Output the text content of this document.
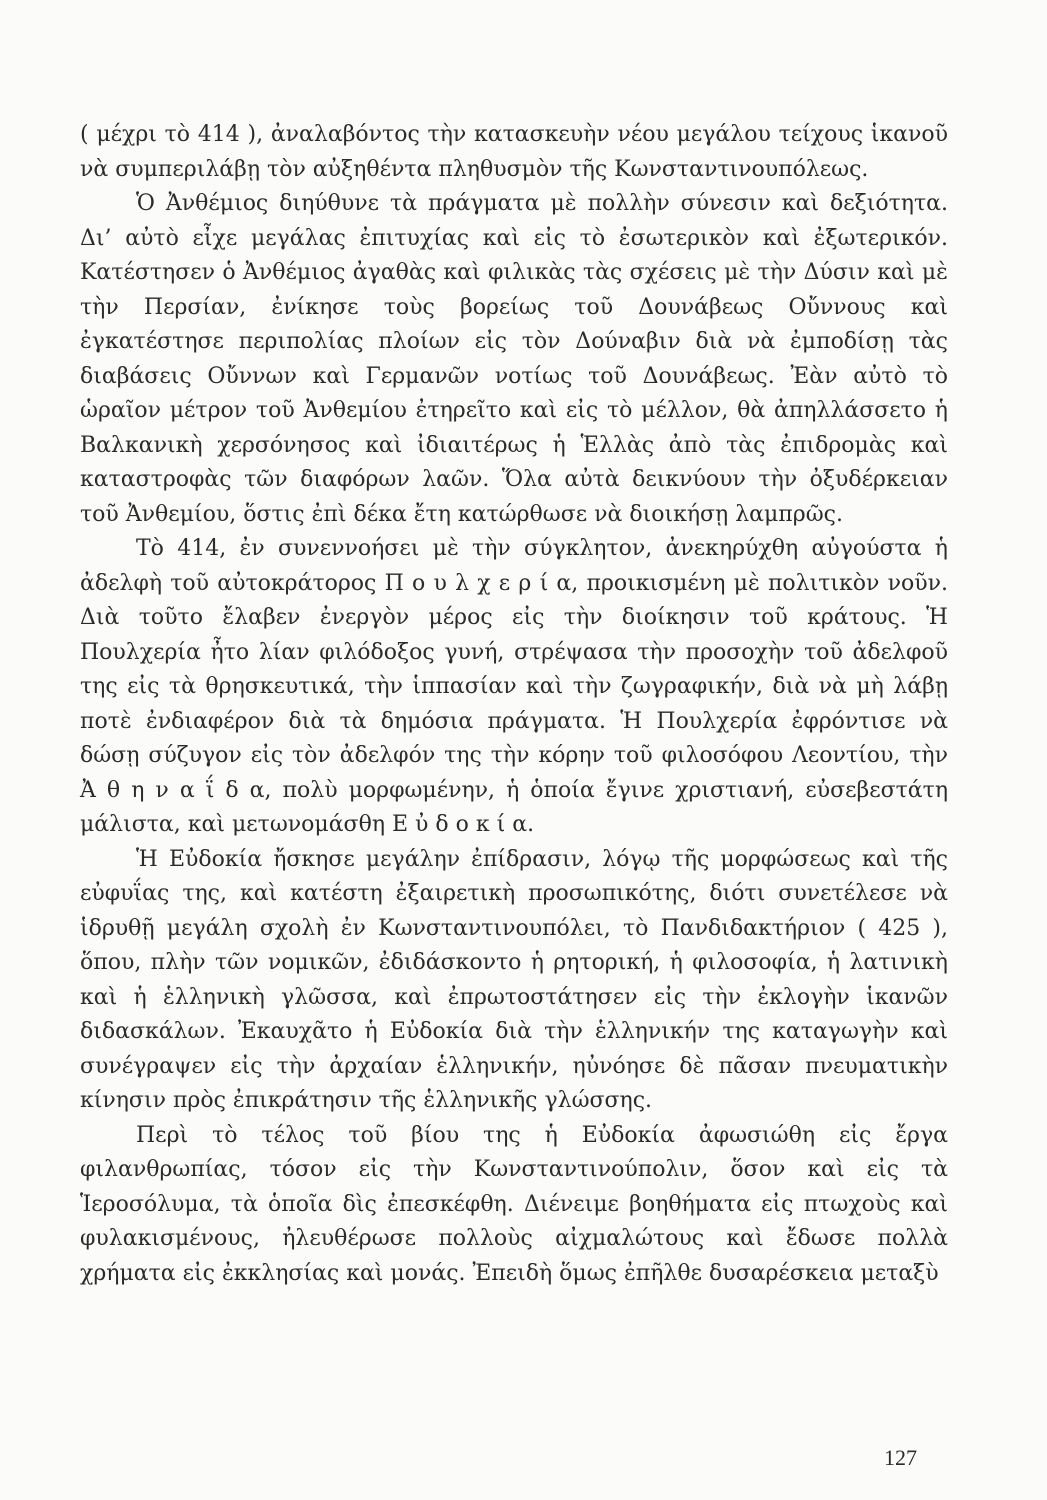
( μέχρι τὸ 414 ), ἀναλαβόντος τὴν κατασκευὴν νέου μεγάλου τείχους ἱκανοῦ νὰ συμπεριλάβῃ τὸν αὐξηθέντα πληθυσμὸν τῆς Κωνσταντινουπόλεως.

Ὁ Ἀνθέμιος διηύθυνε τὰ πράγματα μὲ πολλὴν σύνεσιν καὶ δεξιότητα. Δι’ αὐτὸ εἶχε μεγάλας ἐπιτυχίας καὶ εἰς τὸ ἐσωτερικὸν καὶ ἐξωτερικόν. Κατέστησεν ὁ Ἀνθέμιος ἀγαθὰς καὶ φιλικὰς τὰς σχέσεις μὲ τὴν Δύσιν καὶ μὲ τὴν Περσίαν, ἐνίκησε τοὺς βορείως τοῦ Δουνάβεως Οὔννους καὶ ἐγκατέστησε περιπολίας πλοίων εἰς τὸν Δούναβιν διὰ νὰ ἐμποδίσῃ τὰς διαβάσεις Οὔννων καὶ Γερμανῶν νοτίως τοῦ Δουνάβεως. Ἐὰν αὐτὸ τὸ ὡραῖον μέτρον τοῦ Ἀνθεμίου ἐτηρεῖτο καὶ εἰς τὸ μέλλον, θὰ ἀπηλλάσσετο ἡ Βαλκανικὴ χερσόνησος καὶ ἰδιαιτέρως ἡ Ἑλλὰς ἀπὸ τὰς ἐπιδρομὰς καὶ καταστροφὰς τῶν διαφόρων λαῶν. Ὅλα αὐτὰ δεικνύουν τὴν ὀξυδέρκειαν τοῦ Ἀνθεμίου, ὅστις ἐπὶ δέκα ἔτη κατώρθωσε νὰ διοικήσῃ λαμπρῶς.

Τὸ 414, ἐν συνεννοήσει μὲ τὴν σύγκλητον, ἀνεκηρύχθη αὐγούστα ἡ ἀδελφὴ τοῦ αὐτοκράτορος Π ο υ λ χ ε ρ ί α, προικισμένη μὲ πολιτικὸν νοῦν. Διὰ τοῦτο ἔλαβεν ἐνεργὸν μέρος εἰς τὴν διοίκησιν τοῦ κράτους. Ἡ Πουλχερία ἦτο λίαν φιλόδοξος γυνή, στρέψασα τὴν προσοχὴν τοῦ ἀδελφοῦ της εἰς τὰ θρησκευτικά, τὴν ἱππασίαν καὶ τὴν ζωγραφικήν, διὰ νὰ μὴ λάβῃ ποτὲ ἐνδιαφέρον διὰ τὰ δημόσια πράγματα. Ἡ Πουλχερία ἐφρόντισε νὰ δώσῃ σύζυγον εἰς τὸν ἀδελφόν της τὴν κόρην τοῦ φιλοσόφου Λεοντίου, τὴν Ἀ θ η ν α ΐ δ α, πολὺ μορφωμένην, ἡ ὁποία ἔγινε χριστιανή, εὐσεβεστάτη μάλιστα, καὶ μετωνομάσθη Ε ὐ δ ο κ ί α.

Ἡ Εὐδοκία ἤσκησε μεγάλην ἐπίδρασιν, λόγῳ τῆς μορφώσεως καὶ τῆς εὐφυΐας της, καὶ κατέστη ἐξαιρετικὴ προσωπικότης, διότι συνετέλεσε νὰ ἱδρυθῇ μεγάλη σχολὴ ἐν Κωνσταντινουπόλει, τὸ Πανδιδακτήριον ( 425 ), ὅπου, πλὴν τῶν νομικῶν, ἐδιδάσκοντο ἡ ρητορική, ἡ φιλοσοφία, ἡ λατινικὴ καὶ ἡ ἑλληνικὴ γλῶσσα, καὶ ἐπρωτοστάτησεν εἰς τὴν ἐκλογὴν ἱκανῶν διδασκάλων. Ἐκαυχᾶτο ἡ Εὐδοκία διὰ τὴν ἑλληνικήν της καταγωγὴν καὶ συνέγραψεν εἰς τὴν ἀρχαίαν ἑλληνικήν, ηὐνόησε δὲ πᾶσαν πνευματικὴν κίνησιν πρὸς ἐπικράτησιν τῆς ἑλληνικῆς γλώσσης.

Περὶ τὸ τέλος τοῦ βίου της ἡ Εὐδοκία ἀφωσιώθη εἰς ἔργα φιλανθρωπίας, τόσον εἰς τὴν Κωνσταντινούπολιν, ὅσον καὶ εἰς τὰ Ἱεροσόλυμα, τὰ ὁποῖα δὶς ἐπεσκέφθη. Διένειμε βοηθήματα εἰς πτωχοὺς καὶ φυλακισμένους, ἠλευθέρωσε πολλοὺς αἰχμαλώτους καὶ ἔδωσε πολλὰ χρήματα εἰς ἐκκλησίας καὶ μονάς. Ἐπειδὴ ὅμως ἐπῆλθε δυσαρέσκεια μεταξὺ

127
